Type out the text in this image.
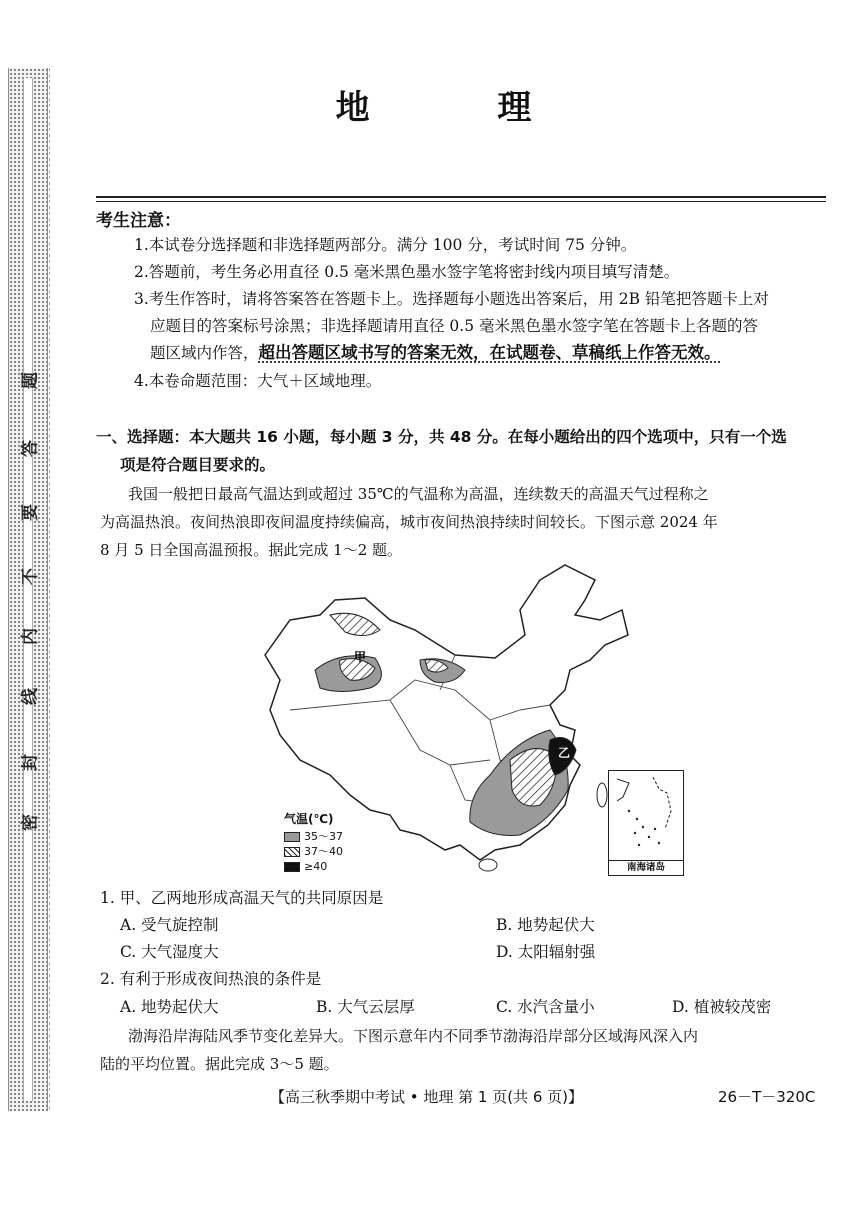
密
封
线
内
不
要
答
题
地 理
考生注意：
1.本试卷分选择题和非选择题两部分。满分 100 分，考试时间 75 分钟。
2.答题前，考生务必用直径 0.5 毫米黑色墨水签字笔将密封线内项目填写清楚。
3.考生作答时，请将答案答在答题卡上。选择题每小题选出答案后，用 2B 铅笔把答题卡上对
应题目的答案标号涂黑；非选择题请用直径 0.5 毫米黑色墨水签字笔在答题卡上各题的答
题区域内作答，超出答题区域书写的答案无效，在试题卷、草稿纸上作答无效。
4.本卷命题范围：大气＋区域地理。
一、选择题：本大题共 16 小题，每小题 3 分，共 48 分。在每小题给出的四个选项中，只有一个选
项是符合题目要求的。
我国一般把日最高气温达到或超过 35℃的气温称为高温，连续数天的高温天气过程称之
为高温热浪。夜间热浪即夜间温度持续偏高，城市夜间热浪持续时间较长。下图示意 2024 年
8 月 5 日全国高温预报。据此完成 1～2 题。
甲
乙
气温(℃)
35～37
37～40
≥40	南海诸岛
1. 甲、乙两地形成高温天气的共同原因是
A. 受气旋控制	B. 地势起伏大
C. 大气湿度大	D. 太阳辐射强
2. 有利于形成夜间热浪的条件是
A. 地势起伏大	B. 大气云层厚	C. 水汽含量小	D. 植被较茂密
渤海沿岸海陆风季节变化差异大。下图示意年内不同季节渤海沿岸部分区域海风深入内
陆的平均位置。据此完成 3～5 题。
【高三秋季期中考试 • 地理 第 1 页(共 6 页)】	26－T－320C
